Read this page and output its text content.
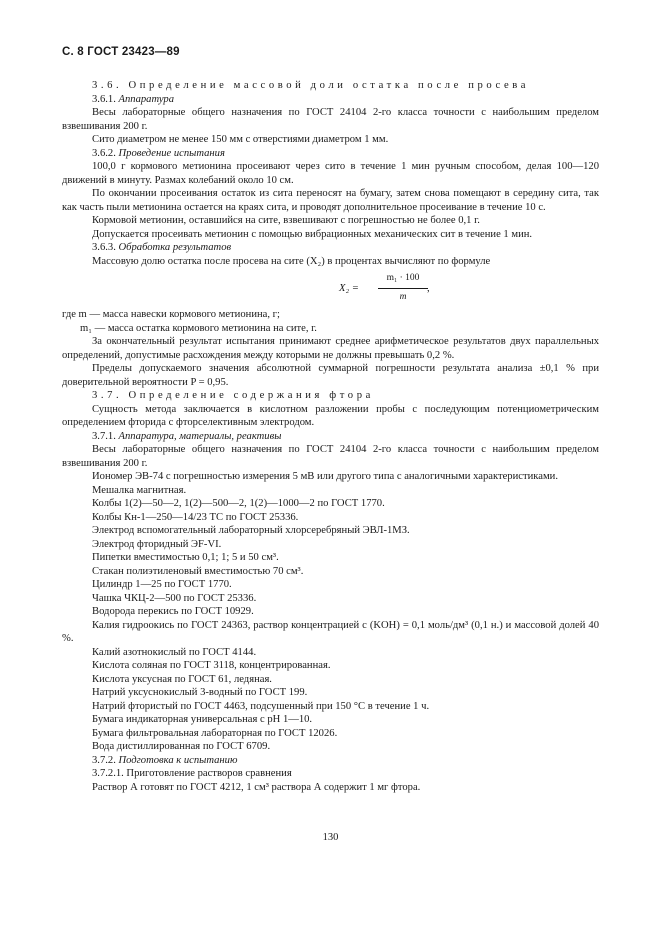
С. 8 ГОСТ 23423—89

3.6. Определение массовой доли остатка после просева

3.6.1. Аппаратура

Весы лабораторные общего назначения по ГОСТ 24104 2-го класса точности с наибольшим пределом взвешивания 200 г.

Сито диаметром не менее 150 мм с отверстиями диаметром 1 мм.

3.6.2. Проведение испытания

100,0 г кормового метионина просеивают через сито в течение 1 мин ручным способом, делая 100—120 движений в минуту. Размах колебаний около 10 см.

По окончании просеивания остаток из сита переносят на бумагу, затем снова помещают в середину сита, так как часть пыли метионина остается на краях сита, и проводят дополнительное просеивание в течение 10 с.

Кормовой метионин, оставшийся на сите, взвешивают с погрешностью не более 0,1 г.

Допускается просеивать метионин с помощью вибрационных механических сит в течение 1 мин.

3.6.3. Обработка результатов

Массовую долю остатка после просева на сите (X₂) в процентах вычисляют по формуле

$X_2 = \frac{\text{m₁ · 100}}{m}$ ,

где m — масса навески кормового метионина, г;

m₁ — масса остатка кормового метионина на сите, г.

За окончательный результат испытания принимают среднее арифметическое результатов двух параллельных определений, допустимые расхождения между которыми не должны превышать 0,2 %.

Пределы допускаемого значения абсолютной суммарной погрешности результата анализа ±0,1 % при доверительной вероятности P = 0,95.

3.7. Определение содержания фтора

Сущность метода заключается в кислотном разложении пробы с последующим потенциометрическим определением фторида с фторселективным электродом.

3.7.1. Аппаратура, материалы, реактивы

Весы лабораторные общего назначения по ГОСТ 24104 2-го класса точности с наибольшим пределом взвешивания 200 г.

Иономер ЭВ-74 с погрешностью измерения 5 мВ или другого типа с аналогичными характеристиками.

Мешалка магнитная.

Колбы 1(2)—50—2, 1(2)—500—2, 1(2)—1000—2 по ГОСТ 1770.

Колбы Кн-1—250—14/23 ТС по ГОСТ 25336.

Электрод вспомогательный лабораторный хлорсеребряный ЭВЛ-1МЗ.

Электрод фторидный ЭF-VI.

Пипетки вместимостью 0,1; 1; 5 и 50 см³.

Стакан полиэтиленовый вместимостью 70 см³.

Цилиндр 1—25 по ГОСТ 1770.

Чашка ЧКЦ-2—500 по ГОСТ 25336.

Водорода перекись по ГОСТ 10929.

Калия гидроокись по ГОСТ 24363, раствор концентрацией c (KOH) = 0,1 моль/дм³ (0,1 н.) и массовой долей 40 %.

Калий азотнокислый по ГОСТ 4144.

Кислота соляная по ГОСТ 3118, концентрированная.

Кислота уксусная по ГОСТ 61, ледяная.

Натрий уксуснокислый 3-водный по ГОСТ 199.

Натрий фтористый по ГОСТ 4463, подсушенный при 150 °С в течение 1 ч.

Бумага индикаторная универсальная с рН 1—10.

Бумага фильтровальная лабораторная по ГОСТ 12026.

Вода дистиллированная по ГОСТ 6709.

3.7.2. Подготовка к испытанию

3.7.2.1. Приготовление растворов сравнения

Раствор А готовят по ГОСТ 4212, 1 см³ раствора А содержит 1 мг фтора.

130
